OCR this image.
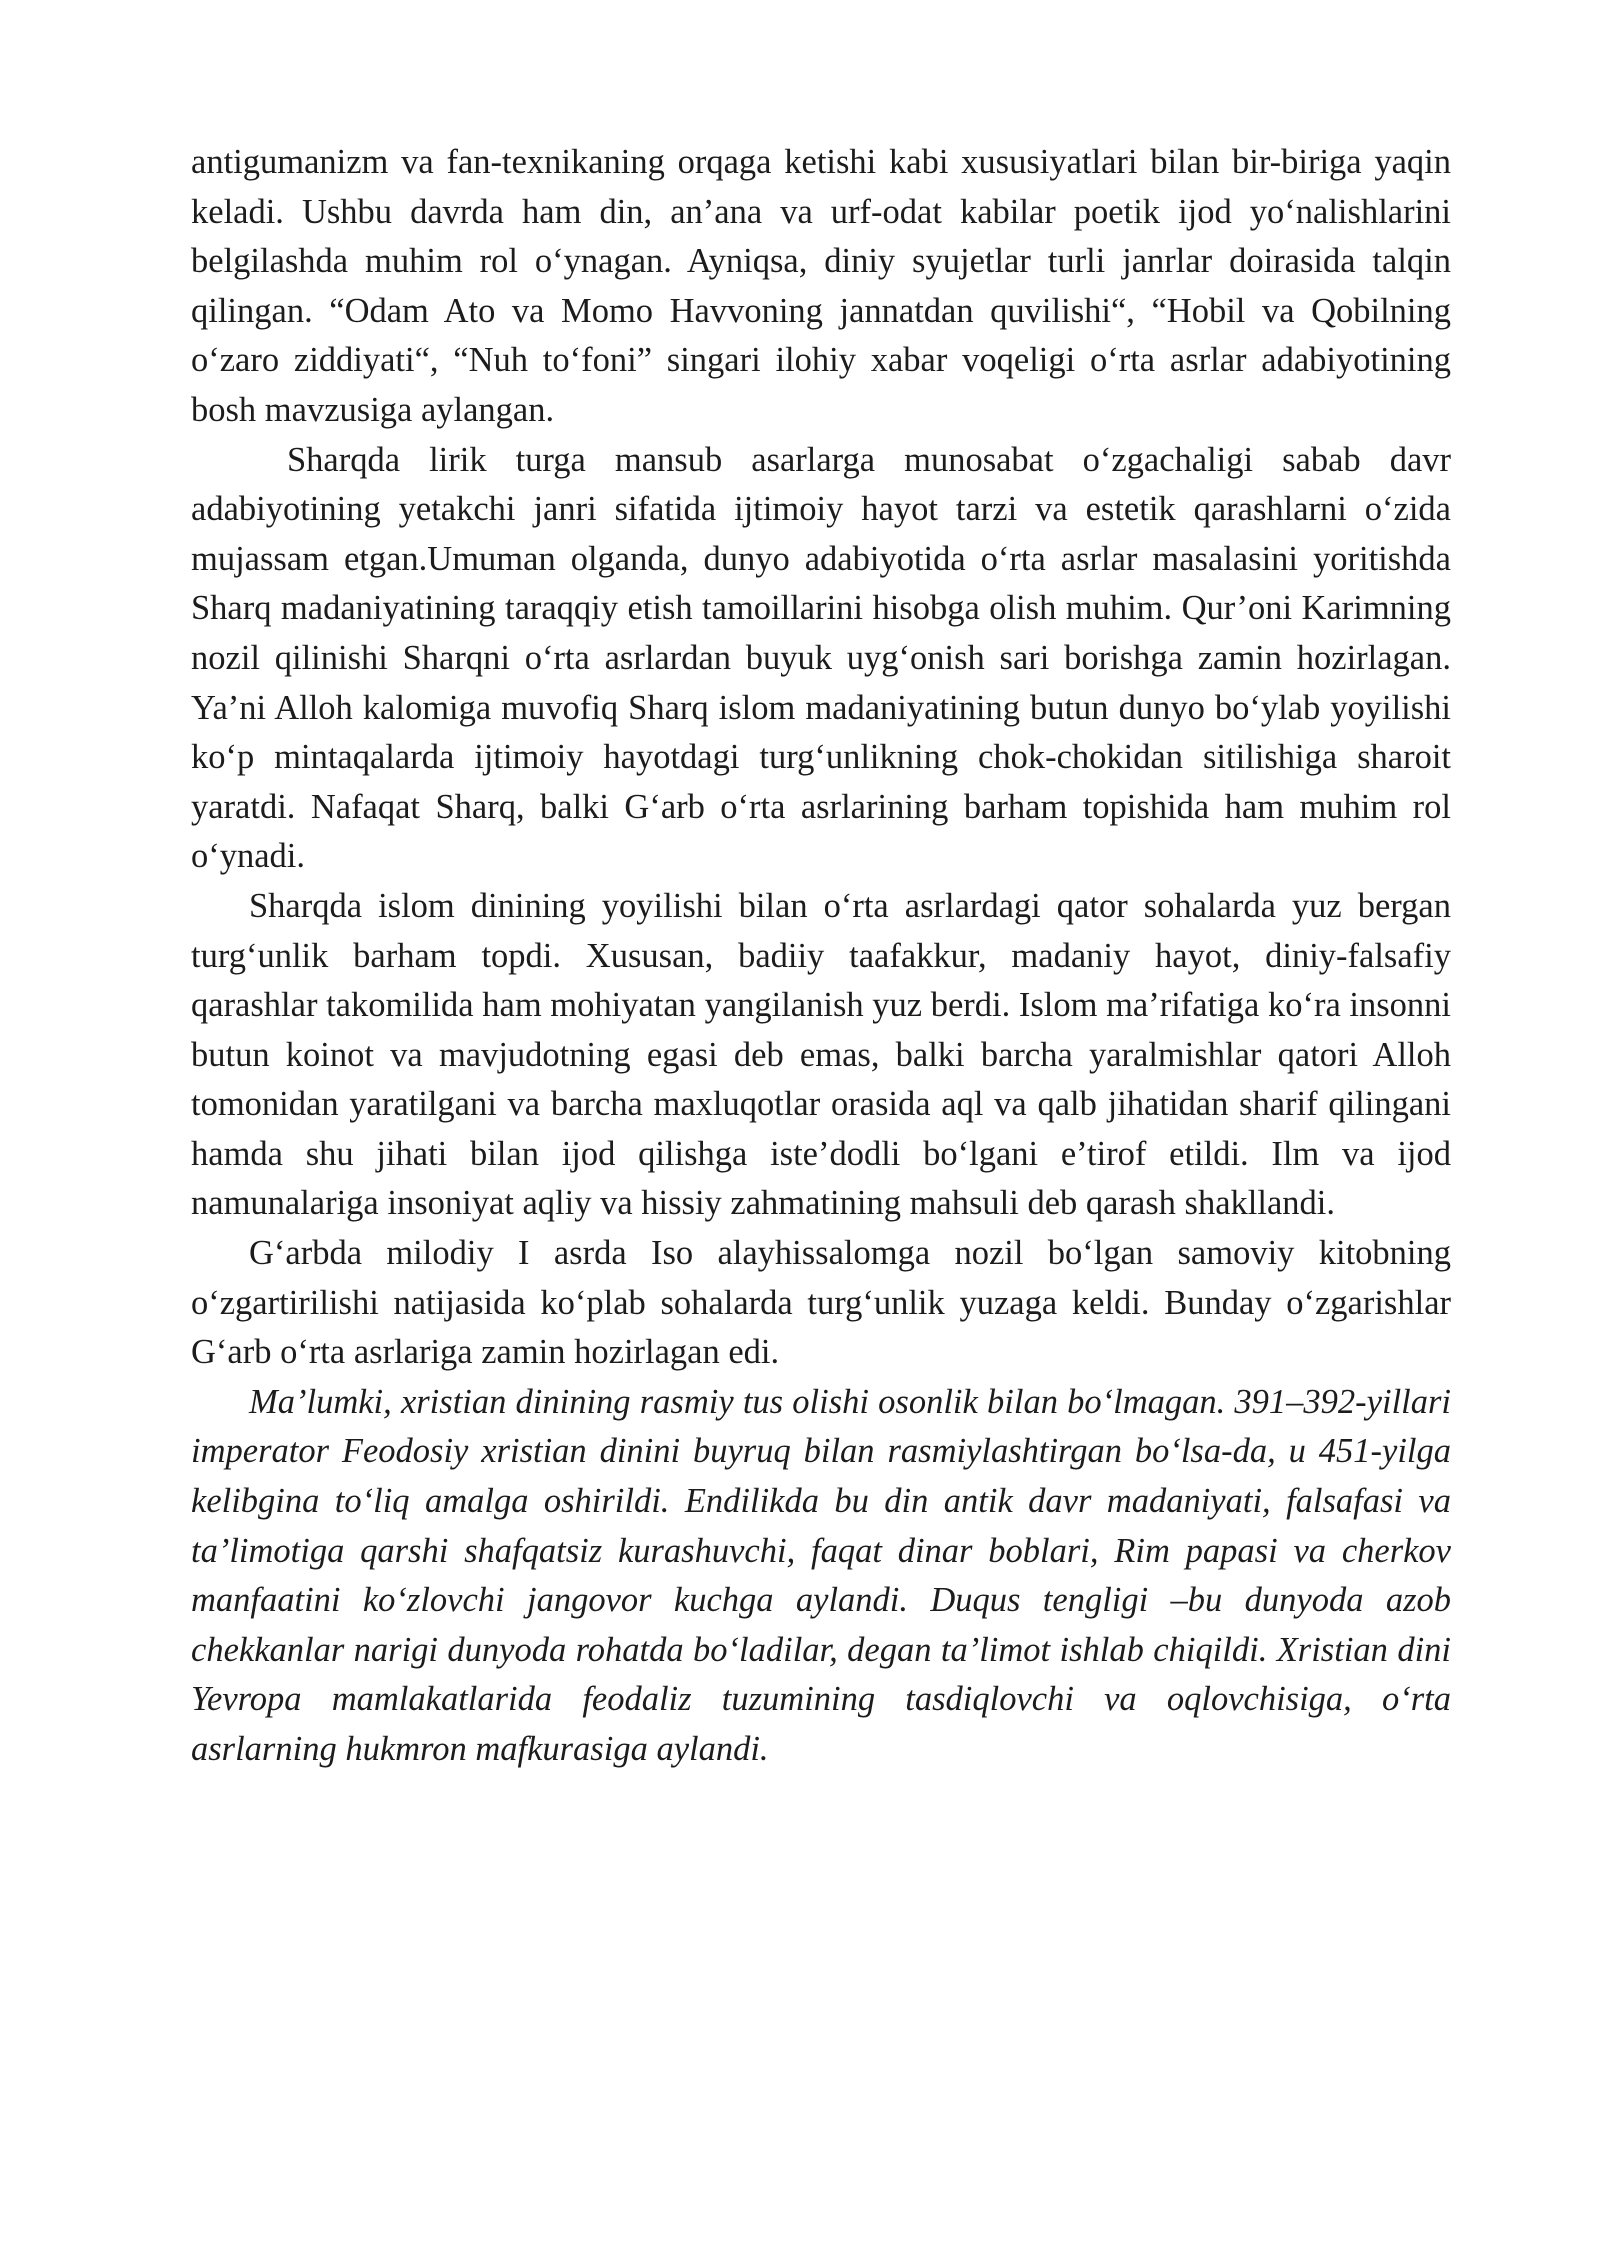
antigumanizm va fan-texnikaning orqaga ketishi kabi xususiyatlari bilan bir-biriga yaqin keladi. Ushbu davrda ham din, an’ana va urf-odat kabilar poetik ijod yo‘nalishlarini belgilashda muhim rol o‘ynagan. Ayniqsa, diniy syujetlar turli janrlar doirasida talqin qilingan. “Odam Ato va Momo Havvoning jannatdan quvilishi“, “Hobil va Qobilning o‘zaro ziddiyati“, “Nuh to‘foni” singari ilohiy xabar voqeligi o‘rta asrlar adabiyotining bosh mavzusiga aylangan.

Sharqda lirik turga mansub asarlarga munosabat o‘zgachaligi sabab davr adabiyotining yetakchi janri sifatida ijtimoiy hayot tarzi va estetik qarashlarni o‘zida mujassam etgan.Umuman olganda, dunyo adabiyotida o‘rta asrlar masalasini yoritishda Sharq madaniyatining taraqqiy etish tamoillarini hisobga olish muhim. Qur’oni Karimning nozil qilinishi Sharqni o‘rta asrlardan buyuk uyg‘onish sari borishga zamin hozirlagan. Ya’ni Alloh kalomiga muvofiq Sharq islom madaniyatining butun dunyo bo‘ylab yoyilishi ko‘p mintaqalarda ijtimoiy hayotdagi turg‘unlikning chok-chokidan sitilishiga sharoit yaratdi. Nafaqat Sharq, balki G‘arb o‘rta asrlarining barham topishida ham muhim rol o‘ynadi.

Sharqda islom dinining yoyilishi bilan o‘rta asrlardagi qator sohalarda yuz bergan turg‘unlik barham topdi. Xususan, badiiy taafakkur, madaniy hayot, diniy-falsafiy qarashlar takomilida ham mohiyatan yangilanish yuz berdi. Islom ma’rifatiga ko‘ra insonni butun koinot va mavjudotning egasi deb emas, balki barcha yaralmishlar qatori Alloh tomonidan yaratilgani va barcha maxluqotlar orasida aql va qalb jihatidan sharif qilingani hamda shu jihati bilan ijod qilishga iste’dodli bo‘lgani e’tirof etildi. Ilm va ijod namunalariga insoniyat aqliy va hissiy zahmatining mahsuli deb qarash shakllandi.

G‘arbda milodiy I asrda Iso alayhissalomga nozil bo‘lgan samoviy kitobning o‘zgartirilishi natijasida ko‘plab sohalarda turg‘unlik yuzaga keldi. Bunday o‘zgarishlar G‘arb o‘rta asrlariga zamin hozirlagan edi.

Ma’lumki, xristian dinining rasmiy tus olishi osonlik bilan bo‘lmagan. 391–392-yillari imperator Feodosiy xristian dinini buyruq bilan rasmiylashtirgan bo‘lsa-da, u 451-yilga kelibgina to‘liq amalga oshirildi. Endilikda bu din antik davr madaniyati, falsafasi va ta’limotiga qarshi shafqatsiz kurashuvchi, faqat dinar boblari, Rim papasi va cherkov manfaatini ko‘zlovchi jangovor kuchga aylandi. Duqus tengligi –bu dunyoda azob chekkanlar narigi dunyoda rohatda bo‘ladilar, degan ta’limot ishlab chiqildi. Xristian dini Yevropa mamlakatlarida feodaliz tuzumining tasdiqlovchi va oqlovchisiga, o‘rta asrlarning hukmron mafkurasiga aylandi.
